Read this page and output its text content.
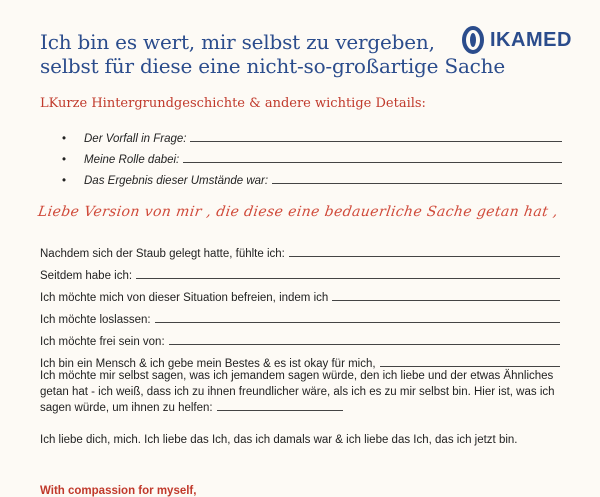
Ich bin es wert, mir selbst zu vergeben,
selbst für diese eine nicht-so-großartige Sache
IKAMED
LKurze Hintergrundgeschichte & andere wichtige Details:
•	Der Vorfall in Frage:
•	Meine Rolle dabei:
•	Das Ergebnis dieser Umstände war:
Liebe Version von mir , die diese eine bedauerliche Sache getan hat ,
Nachdem sich der Staub gelegt hatte, fühlte ich:
Seitdem habe ich:
Ich möchte mich von dieser Situation befreien, indem ich
Ich möchte loslassen:
Ich möchte frei sein von:
Ich bin ein Mensch & ich gebe mein Bestes & es ist okay für mich,
Ich möchte mir selbst sagen, was ich jemandem sagen würde, den ich liebe und der etwas Ähnliches getan hat - ich weiß, dass ich zu ihnen freundlicher wäre, als ich es zu mir selbst bin. Hier ist, was ich sagen würde, um ihnen zu helfen:
Ich liebe dich, mich. Ich liebe das Ich, das ich damals war & ich liebe das Ich, das ich jetzt bin.
With compassion for myself,
